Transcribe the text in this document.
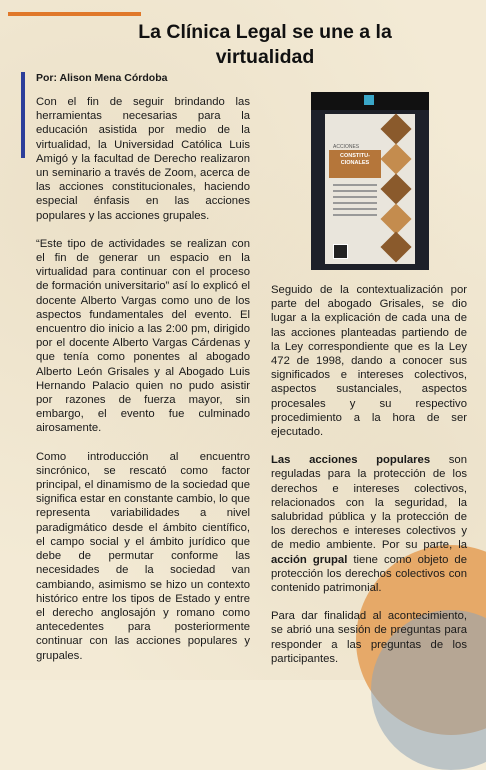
La Clínica Legal se une a la virtualidad

Por: Alison Mena Córdoba

Con el fin de seguir brindando las herramientas necesarias para la educación asistida por medio de la virtualidad, la Universidad Católica Luis Amigó y la facultad de Derecho realizaron un seminario a través de Zoom, acerca de las acciones constitucionales, haciendo especial énfasis en las acciones populares y las acciones grupales.

“Este tipo de actividades se realizan con el fin de generar un espacio en la virtualidad para continuar con el proceso de formación universitario” así lo explicó el docente Alberto Vargas como uno de los aspectos fundamentales del evento. El encuentro dio inicio a las 2:00 pm, dirigido por el docente Alberto Vargas Cárdenas y que tenía como ponentes al abogado Alberto León Grisales y al Abogado Luis Hernando Palacio quien no pudo asistir por razones de fuerza mayor, sin embargo, el evento fue culminado airosamente.

Como introducción al encuentro sincrónico, se rescató como factor principal, el dinamismo de la sociedad que significa estar en constante cambio, lo que representa variabilidades a nivel paradigmático desde el ámbito científico, el campo social y el ámbito jurídico que debe de permutar conforme las necesidades de la sociedad van cambiando, asimismo se hizo un contexto histórico entre los tipos de Estado y entre el derecho anglosajón y romano como antecedentes para posteriormente continuar con las acciones populares y grupales.

ACCIONES
CONSTITU-CIONALES

Seguido de la contextualización por parte del abogado Grisales, se dio lugar a la explicación de cada una de las acciones planteadas partiendo de la Ley correspondiente que es la Ley 472 de 1998, dando a conocer sus significados e intereses colectivos, aspectos sustanciales, aspectos procesales y su respectivo procedimiento a la hora de ser ejecutado.

Las acciones populares son reguladas para la protección de los derechos e intereses colectivos, relacionados con la seguridad, la salubridad pública y la protección de los derechos e intereses colectivos y de medio ambiente. Por su parte, la acción grupal tiene como objeto de protección los derechos colectivos con contenido patrimonial.

Para dar finalidad al acontecimiento, se abrió una sesión de preguntas para responder a las preguntas de los participantes.
